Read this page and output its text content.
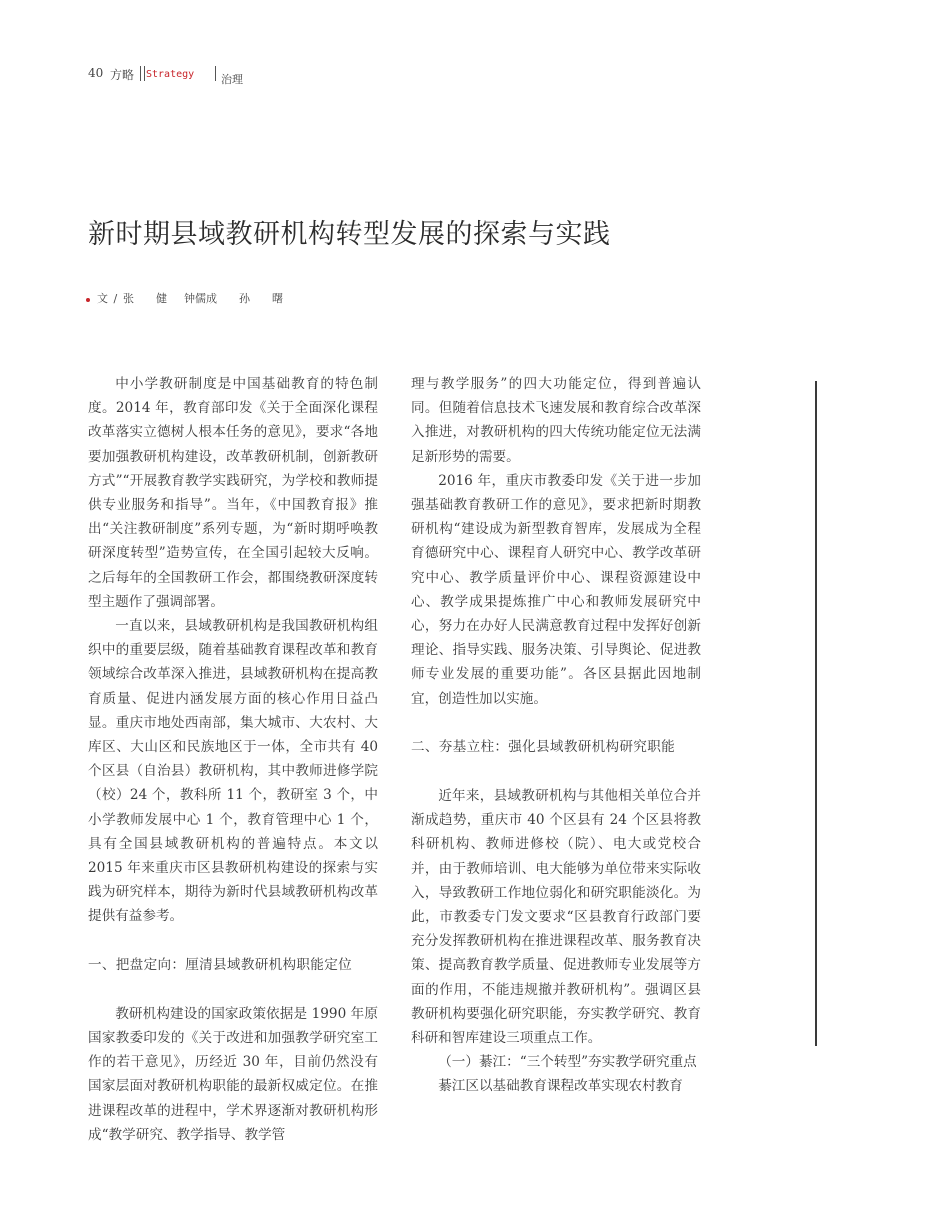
40 方略 Strategy 治理
新时期县域教研机构转型发展的探索与实践
文 / 张　　健 钟儒成 孙　　曙

中小学教研制度是中国基础教育的特色制度。2014 年，教育部印发《关于全面深化课程改革落实立德树人根本任务的意见》，要求“各地要加强教研机构建设，改革教研机制，创新教研方式”“开展教育教学实践研究，为学校和教师提供专业服务和指导”。当年，《中国教育报》推出“关注教研制度”系列专题，为“新时期呼唤教研深度转型”造势宣传，在全国引起较大反响。之后每年的全国教研工作会，都围绕教研深度转型主题作了强调部署。

一直以来，县域教研机构是我国教研机构组织中的重要层级，随着基础教育课程改革和教育领域综合改革深入推进，县域教研机构在提高教育质量、促进内涵发展方面的核心作用日益凸显。重庆市地处西南部，集大城市、大农村、大库区、大山区和民族地区于一体，全市共有 40 个区县（自治县）教研机构，其中教师进修学院（校）24 个，教科所 11 个，教研室 3 个，中小学教师发展中心 1 个，教育管理中心 1 个，具有全国县域教研机构的普遍特点。本文以 2015 年来重庆市区县教研机构建设的探索与实践为研究样本，期待为新时代县域教研机构改革提供有益参考。

一、把盘定向：厘清县域教研机构职能定位

教研机构建设的国家政策依据是 1990 年原国家教委印发的《关于改进和加强教学研究室工作的若干意见》，历经近 30 年，目前仍然没有国家层面对教研机构职能的最新权威定位。在推进课程改革的进程中，学术界逐渐对教研机构形成“教学研究、教学指导、教学管

理与教学服务”的四大功能定位，得到普遍认同。但随着信息技术飞速发展和教育综合改革深入推进，对教研机构的四大传统功能定位无法满足新形势的需要。

2016 年，重庆市教委印发《关于进一步加强基础教育教研工作的意见》，要求把新时期教研机构“建设成为新型教育智库，发展成为全程育德研究中心、课程育人研究中心、教学改革研究中心、教学质量评价中心、课程资源建设中心、教学成果提炼推广中心和教师发展研究中心，努力在办好人民满意教育过程中发挥好创新理论、指导实践、服务决策、引导舆论、促进教师专业发展的重要功能”。各区县据此因地制宜，创造性加以实施。

二、夯基立柱：强化县域教研机构研究职能

近年来，县域教研机构与其他相关单位合并渐成趋势，重庆市 40 个区县有 24 个区县将教科研机构、教师进修校（院）、电大或党校合并，由于教师培训、电大能够为单位带来实际收入，导致教研工作地位弱化和研究职能淡化。为此，市教委专门发文要求“区县教育行政部门要充分发挥教研机构在推进课程改革、服务教育决策、提高教育教学质量、促进教师专业发展等方面的作用，不能违规撤并教研机构”。强调区县教研机构要强化研究职能，夯实教学研究、教育科研和智库建设三项重点工作。

（一）綦江：“三个转型”夯实教学研究重点

綦江区以基础教育课程改革实现农村教育
